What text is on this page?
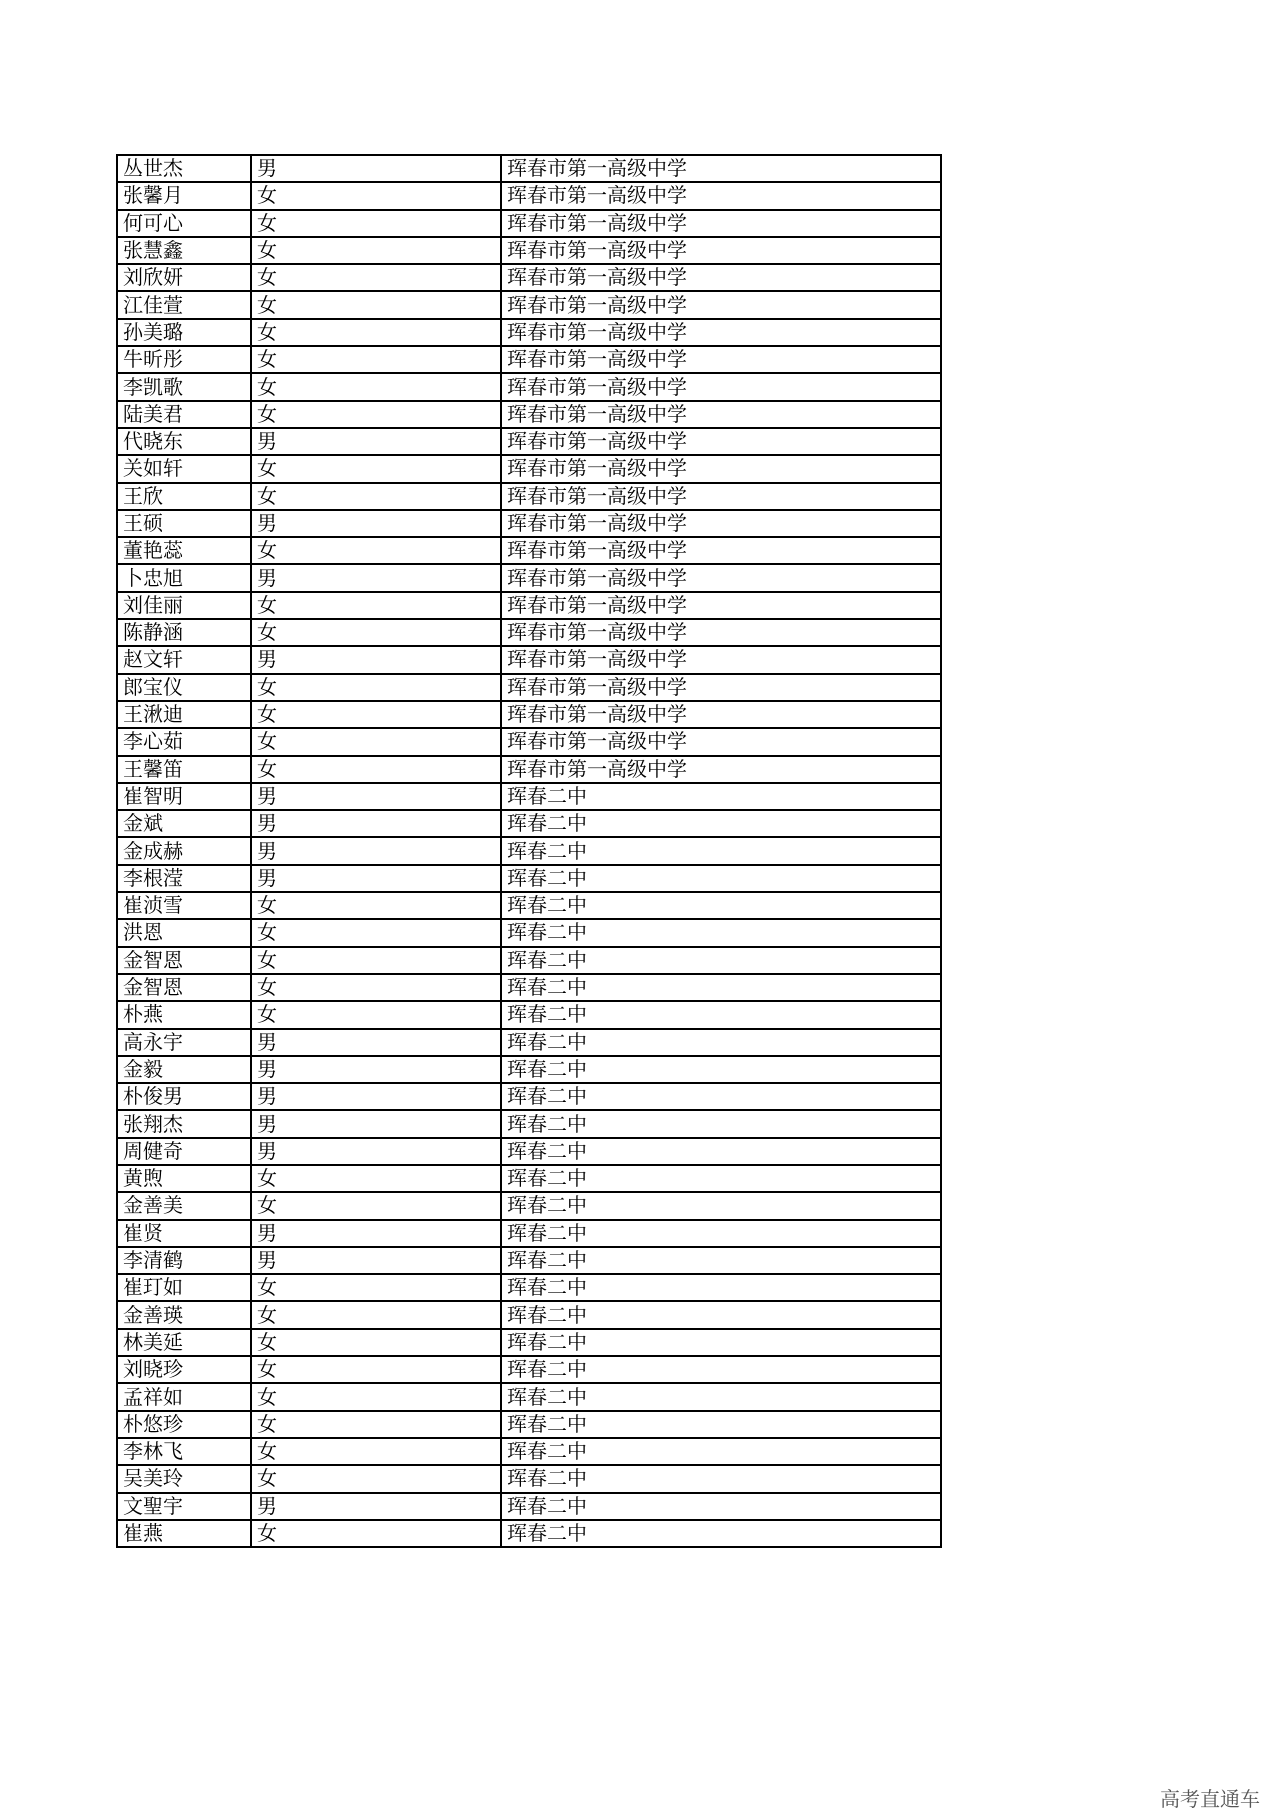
丛世杰	男	珲春市第一高级中学
张馨月	女	珲春市第一高级中学
何可心	女	珲春市第一高级中学
张慧鑫	女	珲春市第一高级中学
刘欣妍	女	珲春市第一高级中学
江佳萱	女	珲春市第一高级中学
孙美璐	女	珲春市第一高级中学
牛昕彤	女	珲春市第一高级中学
李凯歌	女	珲春市第一高级中学
陆美君	女	珲春市第一高级中学
代晓东	男	珲春市第一高级中学
关如轩	女	珲春市第一高级中学
王欣	女	珲春市第一高级中学
王硕	男	珲春市第一高级中学
董艳蕊	女	珲春市第一高级中学
卜忠旭	男	珲春市第一高级中学
刘佳丽	女	珲春市第一高级中学
陈静涵	女	珲春市第一高级中学
赵文轩	男	珲春市第一高级中学
郎宝仪	女	珲春市第一高级中学
王湫迪	女	珲春市第一高级中学
李心茹	女	珲春市第一高级中学
王馨笛	女	珲春市第一高级中学
崔智明	男	珲春二中
金斌	男	珲春二中
金成赫	男	珲春二中
李根滢	男	珲春二中
崔浈雪	女	珲春二中
洪恩	女	珲春二中
金智恩	女	珲春二中
金智恩	女	珲春二中
朴燕	女	珲春二中
高永宇	男	珲春二中
金毅	男	珲春二中
朴俊男	男	珲春二中
张翔杰	男	珲春二中
周健奇	男	珲春二中
黄煦	女	珲春二中
金善美	女	珲春二中
崔贤	男	珲春二中
李清鹤	男	珲春二中
崔玎如	女	珲春二中
金善瑛	女	珲春二中
林美延	女	珲春二中
刘晓珍	女	珲春二中
孟祥如	女	珲春二中
朴悠珍	女	珲春二中
李林飞	女	珲春二中
吴美玲	女	珲春二中
文聖宇	男	珲春二中
崔燕	女	珲春二中
高考直通车
